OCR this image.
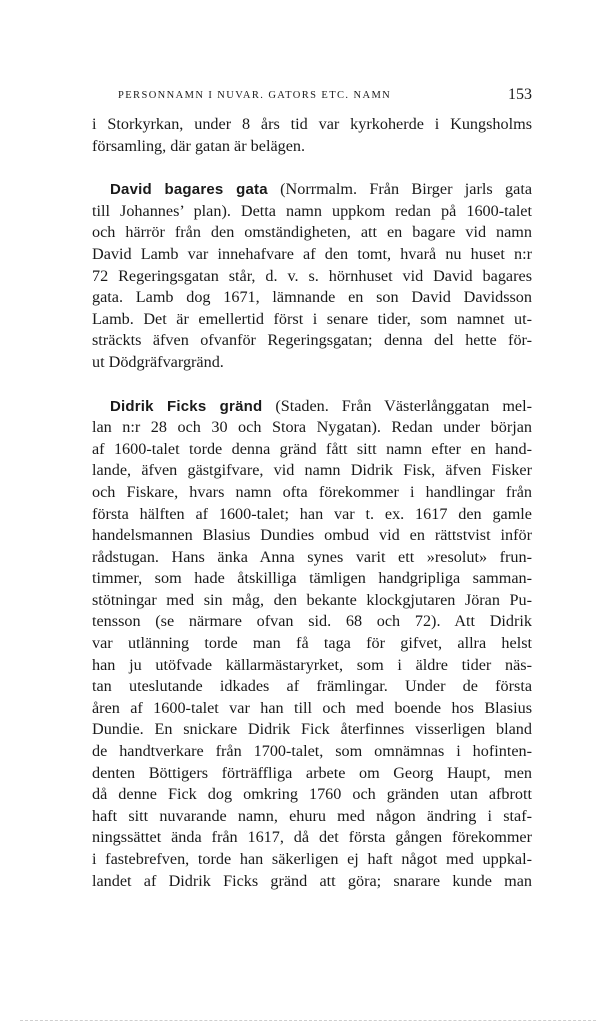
PERSONNAMN I NUVAR. GATORS ETC. NAMN	153
i Storkyrkan, under 8 års tid var kyrkoherde i Kungsholms
församling, där gatan är belägen.
David bagares gata (Norrmalm. Från Birger jarls gata
till Johannes’ plan). Detta namn uppkom redan på 1600-talet
och härrör från den omständigheten, att en bagare vid namn
David Lamb var innehafvare af den tomt, hvarå nu huset n:r
72 Regeringsgatan står, d. v. s. hörnhuset vid David bagares
gata. Lamb dog 1671, lämnande en son David Davidsson
Lamb. Det är emellertid först i senare tider, som namnet ut-
sträckts äfven ofvanför Regeringsgatan; denna del hette för-
ut Dödgräfvargränd.
Didrik Ficks gränd (Staden. Från Västerlånggatan mel-
lan n:r 28 och 30 och Stora Nygatan). Redan under början
af 1600-talet torde denna gränd fått sitt namn efter en hand-
lande, äfven gästgifvare, vid namn Didrik Fisk, äfven Fisker
och Fiskare, hvars namn ofta förekommer i handlingar från
första hälften af 1600-talet; han var t. ex. 1617 den gamle
handelsmannen Blasius Dundies ombud vid en rättstvist inför
rådstugan. Hans änka Anna synes varit ett »resolut» frun-
timmer, som hade åtskilliga tämligen handgripliga samman-
stötningar med sin måg, den bekante klockgjutaren Jöran Pu-
tensson (se närmare ofvan sid. 68 och 72). Att Didrik
var utlänning torde man få taga för gifvet, allra helst
han ju utöfvade källarmästaryrket, som i äldre tider näs-
tan uteslutande idkades af främlingar. Under de första
åren af 1600-talet var han till och med boende hos Blasius
Dundie. En snickare Didrik Fick återfinnes visserligen bland
de handtverkare från 1700-talet, som omnämnas i hofinten-
denten Böttigers förträffliga arbete om Georg Haupt, men
då denne Fick dog omkring 1760 och gränden utan afbrott
haft sitt nuvarande namn, ehuru med någon ändring i staf-
ningssättet ända från 1617, då det första gången förekommer
i fastebrefven, torde han säkerligen ej haft något med uppkal-
landet af Didrik Ficks gränd att göra; snarare kunde man
